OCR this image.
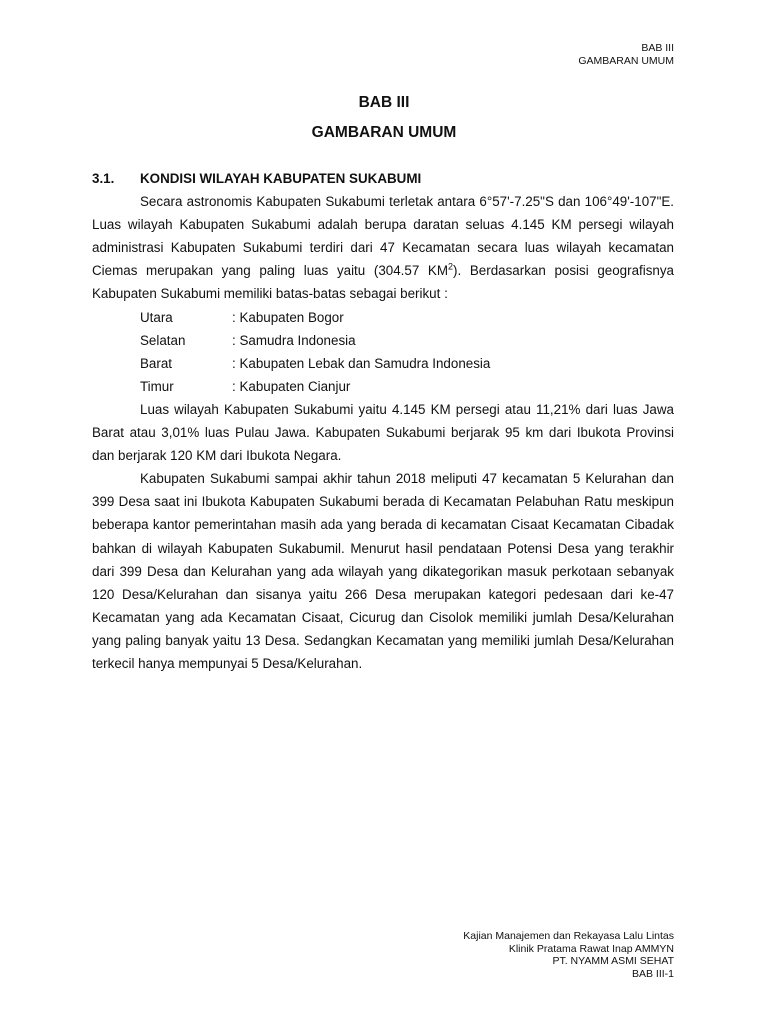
BAB III
GAMBARAN UMUM
BAB III
GAMBARAN UMUM
3.1.	KONDISI WILAYAH KABUPATEN SUKABUMI

Secara astronomis Kabupaten Sukabumi terletak antara 6°57'-7.25"S dan 106°49'-107"E. Luas wilayah Kabupaten Sukabumi adalah berupa daratan seluas 4.145 KM persegi wilayah administrasi Kabupaten Sukabumi terdiri dari 47 Kecamatan secara luas wilayah kecamatan Ciemas merupakan yang paling luas yaitu (304.57 $KM^2$). Berdasarkan posisi geografisnya Kabupaten Sukabumi memiliki batas-batas sebagai berikut :

Utara	: Kabupaten Bogor
Selatan	: Samudra Indonesia
Barat	: Kabupaten Lebak dan Samudra Indonesia
Timur	: Kabupaten Cianjur

Luas wilayah Kabupaten Sukabumi yaitu 4.145 KM persegi atau 11,21% dari luas Jawa Barat atau 3,01% luas Pulau Jawa. Kabupaten Sukabumi berjarak 95 km dari Ibukota Provinsi dan berjarak 120 KM dari Ibukota Negara.

Kabupaten Sukabumi sampai akhir tahun 2018 meliputi 47 kecamatan 5 Kelurahan dan 399 Desa saat ini Ibukota Kabupaten Sukabumi berada di Kecamatan Pelabuhan Ratu meskipun beberapa kantor pemerintahan masih ada yang berada di kecamatan Cisaat Kecamatan Cibadak bahkan di wilayah Kabupaten Sukabumil. Menurut hasil pendataan Potensi Desa yang terakhir dari 399 Desa dan Kelurahan yang ada wilayah yang dikategorikan masuk perkotaan sebanyak 120 Desa/Kelurahan dan sisanya yaitu 266 Desa merupakan kategori pedesaan dari ke-47 Kecamatan yang ada Kecamatan Cisaat, Cicurug dan Cisolok memiliki jumlah Desa/Kelurahan yang paling banyak yaitu 13 Desa. Sedangkan Kecamatan yang memiliki jumlah Desa/Kelurahan terkecil hanya mempunyai 5 Desa/Kelurahan.

Kajian Manajemen dan Rekayasa Lalu Lintas
Klinik Pratama Rawat Inap AMMYN
PT. NYAMM ASMI SEHAT
BAB III-1
